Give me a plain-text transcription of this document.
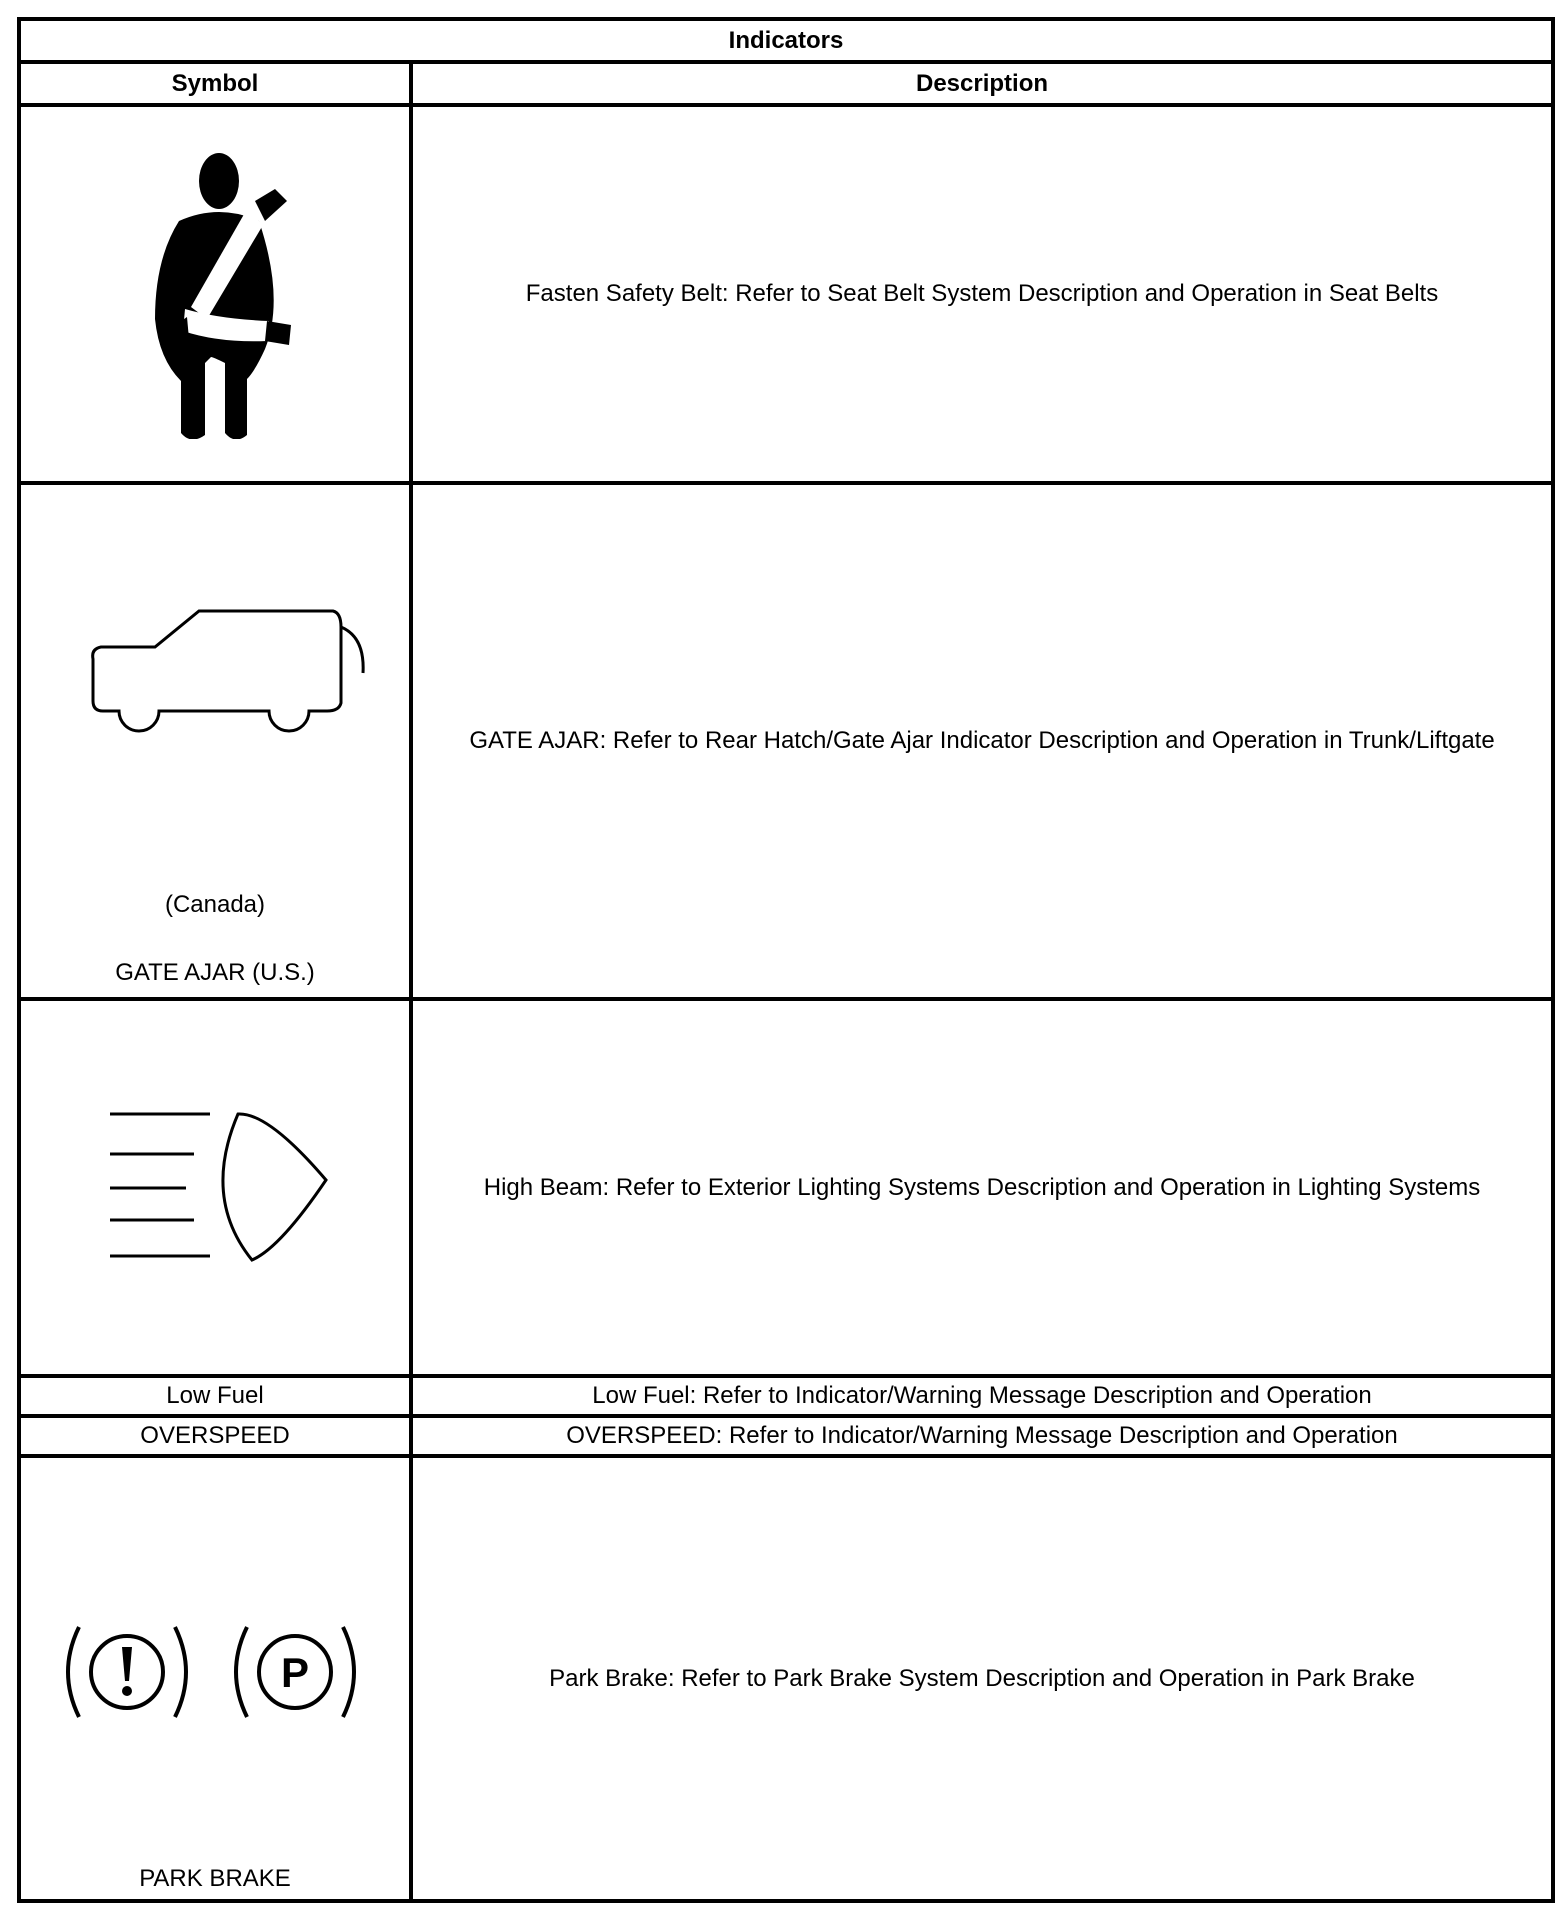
Indicators	
Symbol	Description

	Fasten Safety Belt: Refer to Seat Belt System Description and Operation in Seat Belts

(Canada)
GATE AJAR (U.S.)	GATE AJAR: Refer to Rear Hatch/Gate Ajar Indicator Description and Operation in Trunk/Liftgate

	High Beam: Refer to Exterior Lighting Systems Description and Operation in Lighting Systems
Low Fuel	Low Fuel: Refer to Indicator/Warning Message Description and Operation
OVERSPEED	OVERSPEED: Refer to Indicator/Warning Message Description and Operation

P
PARK BRAKE	Park Brake: Refer to Park Brake System Description and Operation in Park Brake
